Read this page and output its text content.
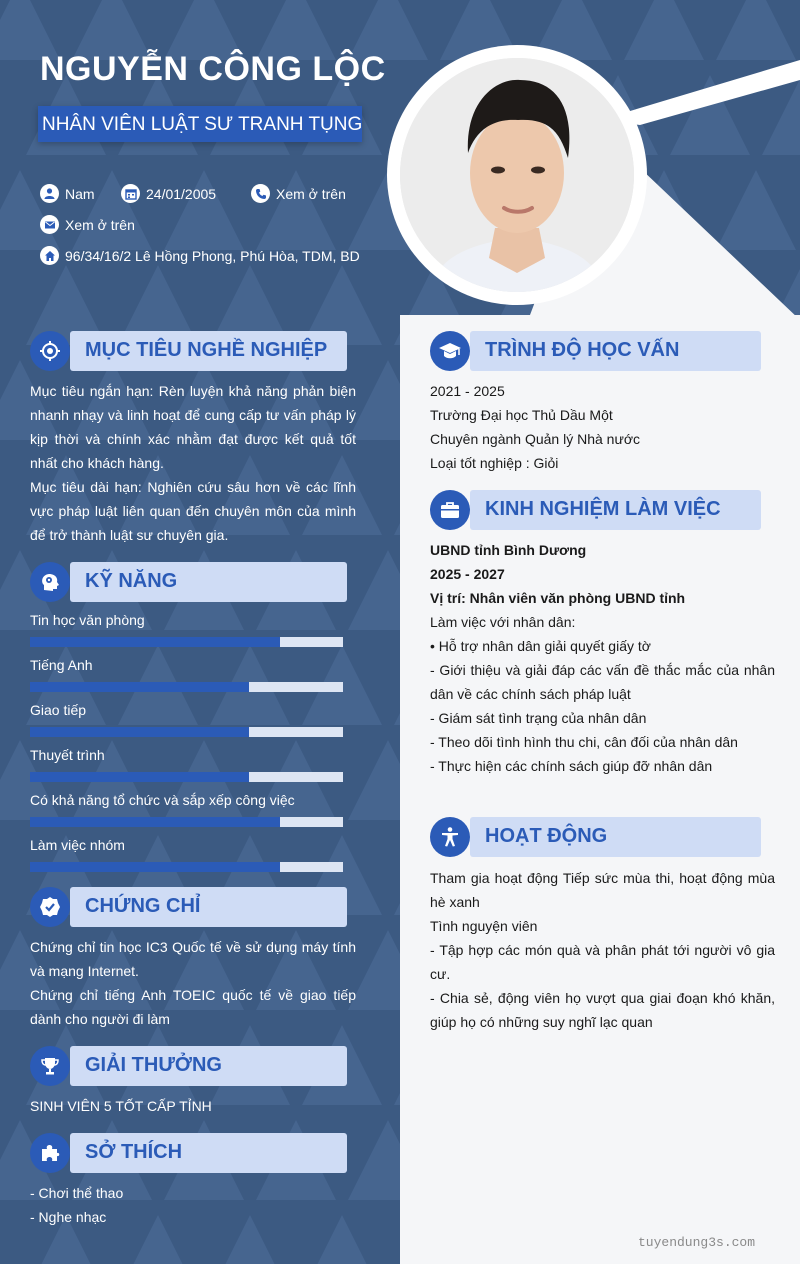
NGUYỄN CÔNG LỘC
NHÂN VIÊN LUẬT SƯ TRANH TỤNG
Nam	24/01/2005	Xem ở trên
Xem ở trên
96/34/16/2 Lê Hồng Phong, Phú Hòa, TDM, BD
MỤC TIÊU NGHỀ NGHIỆP
Mục tiêu ngắn hạn: Rèn luyện khả năng phản biện nhanh nhạy và linh hoạt để cung cấp tư vấn pháp lý kịp thời và chính xác nhằm đạt được kết quả tốt nhất cho khách hàng.
Mục tiêu dài hạn: Nghiên cứu sâu hơn về các lĩnh vực pháp luật liên quan đến chuyên môn của mình để trở thành luật sư chuyên gia.
KỸ NĂNG
Tin học văn phòng
Tiếng Anh
Giao tiếp
Thuyết trình
Có khả năng tổ chức và sắp xếp công việc
Làm việc nhóm
CHỨNG CHỈ
Chứng chỉ tin học IC3 Quốc tế về sử dụng máy tính và mạng Internet.
Chứng chỉ tiếng Anh TOEIC quốc tế về giao tiếp dành cho người đi làm
GIẢI THƯỞNG
SINH VIÊN 5 TỐT CẤP TỈNH
SỞ THÍCH
- Chơi thể thao
- Nghe nhạc
TRÌNH ĐỘ HỌC VẤN
2021 - 2025
Trường Đại học Thủ Dầu Một
Chuyên ngành Quản lý Nhà nước
Loại tốt nghiệp : Giỏi
KINH NGHIỆM LÀM VIỆC
UBND tỉnh Bình Dương
2025 - 2027
Vị trí: Nhân viên văn phòng UBND tỉnh
Làm việc với nhân dân:
• Hỗ trợ nhân dân giải quyết giấy tờ
- Giới thiệu và giải đáp các vấn đề thắc mắc của nhân dân về các chính sách pháp luật
- Giám sát tình trạng của nhân dân
- Theo dõi tình hình thu chi, cân đối của nhân dân
- Thực hiện các chính sách giúp đỡ nhân dân
HOẠT ĐỘNG
Tham gia hoạt động Tiếp sức mùa thi, hoạt động mùa hè xanh
Tình nguyện viên
- Tập hợp các món quà và phân phát tới người vô gia cư.
- Chia sẻ, động viên họ vượt qua giai đoạn khó khăn, giúp họ có những suy nghĩ lạc quan
tuyendung3s.com
